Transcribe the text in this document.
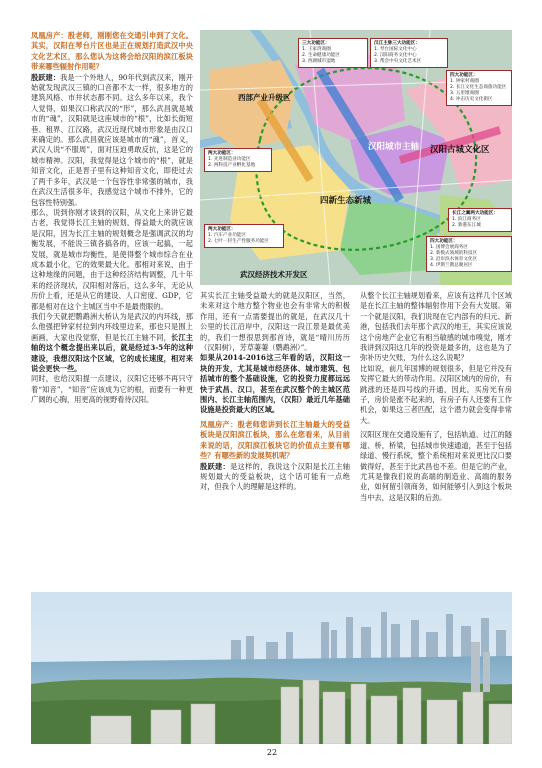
凤凰房产：殷老师，刚刚您在交通引申到了文化。其实，汉阳在琴台片区也是正在规划打造武汉中央文化艺术区，那么您认为这将会给汉阳的滨江板块带来哪些辐射作用呢？

殷跃建：我是一个外地人，90年代到武汉来，刚开始就发现武汉三镇的口音都不太一样，很多地方的建筑风格、市井状态都不同。这么多年以来，我个人觉得，如果汉口称武汉的“形”，那么武昌就是城市的“魂”，汉阳就是这座城市的“根”，比如长街短巷、租界、江汉路，武汉近现代城市形象是由汉口来确定的。那么武昌就应该是城市的“魂”，首义，武汉人说“不服周”，面对压迫勇敢反抗，这是它的城市精神。汉阳，我觉得是这个城市的“根”，就是知音文化，正是晋子里有这种知音文化，即使过去了两千多年，武汉是一个包容性非常强的城市，我在武汉生活很多年，我感觉这个城市不排外，它的包容性特别强。

那么，说到你刚才谈到的汉阳，从文化上来讲它最古老，我觉得长江主轴的规划，得益最大的就应该是汉阳，因为长江主轴的规划概念是强调武汉的均衡发展，不能说三镇各搞各的，应该一起搞，一起发展，就是城市均衡性，是使得整个城市综合在业成本最小化，它的效果最大化。那相对来说，由于这种地缘的问题，由于这种经济结构调整，几十年来的经济现状，汉阳相对落后，这么多年，无论从历价上看，还是从它的建设、人口密度、GDP，它都是相对在这个主城区当中不是最贵眼的。

我们今天就把鹦鹉洲大桥认为是武汉的内环线，那么他强把钟家村拉到内环线里边来，那也只是围上画画，大家也没觉察，但是长江主轴不同，长江主轴的这个概念提出来以后，就是经过3-5年的这种建设，我想汉阳这个区域，它的成长速度，相对来说会更快一些。

同时，也给汉阳提一点建议，汉阳它还够不再只守着“知音”，“知音”应该成为它的根，而要有一种更广阔的心胸，用更高的视野看待汉阳。

西部产业升级区
汉阳城市主轴 汉阳古城文化区
四新生态新城
武汉经济技术开发区
三大功能区：
1. 王家湾商圈
2. 生命健康功能区
3. 西湖城市湿地
汉江主脉三大功能区：
1. 琴台国际文化中心
2. 汉阳商务文化中心
3. 帮会中央文化艺术区
四大功能区：
1. 钟家村商圈
2. 长江文化生态商旅功能区
3. 五里墩商圈
4. 冲击历史文化街区
两大功能区：
1. 先进制造业功能区
2. 两科技产业孵化基地
两大功能区：
1. 汽车产业功能区
2. 七叶一轻生产性服务功能区
长江之翼两大功能区：
1. 滨江商务区
2. 新港东江城
四大功能区：
1. 国博会展商务区
2. 新模式领域的科技区
3. 沿岸滨水体育文化区
4. 伊斯兰教总聚居区

其实长江主轴受益最大的就是汉阳区，当然，未来对这个地方整个物业也会有非常大的积极作用，还有一点需要提出的就是，在武汉几十公里的长江沿岸中，汉阳这一段江景是最优美的，我们一想很思到那首诗，就是“晴川历历（汉阳树），芳草萋萋（鹦鹉洲）”。

如果从2014-2016这三年看的话，汉阳这一块的开发，尤其是城市经济体、城市建筑、包括城市的整个基础设施，它的投资力度都远远快于武昌、汉口，甚至在武汉整个的主城区范围内、长江主轴范围内，（汉阳）最近几年基础设施是投资最大的区域。

凤凰房产：殷老师您讲到长江主轴最大的受益板块是汉阳滨江板块，那么在您看来，从目前来说的话，汉阳滨江板块它的价值点主要有哪些？有哪些新的发展契机呢？

殷跃建：是这样的，我说这个汉阳是长江主轴规划最大的受益板块，这个话可能有一点绝对，但我个人的理解是这样的。

从整个长江主轴规划看来，应该有这样几个区域是在长江主轴的整体辐射作用下会有大发展。第一个就是汉阳，我们说现在它内部有的归元、新港，包括我们去年那个武汉的地王，其实应该说这个房地产企业它有相当敏感的城市嗅觉，刚才我讲到汉阳这几年的投资是最多的，这也是为了弥补历史欠账，为什么这么说呢？

比如说，前几年国博的规划很多，但是它并没有发挥它最大的带动作用。汉阳区域内的房价，有跳涨的还是四号线的开通，因此，买房光有房子，房价是涨不起来的，有房子有人还要有工作机会，如果这三者匹配，这个潜力就会变得非常大。

汉阳区现在交通设施有了，包括轨道、过江的隧道、桥，桥梁，包括城市快速通道，甚至于包括绿道、慢行系统，整个系统相对来说更比汉口要做得好，甚至于比武昌也不差。但是它的产业，尤其是像我们说的高端的制造业、高端的服务业，如何留引领商务，如何能够引入到这个板块当中去，这是汉阳的后劲。

22
